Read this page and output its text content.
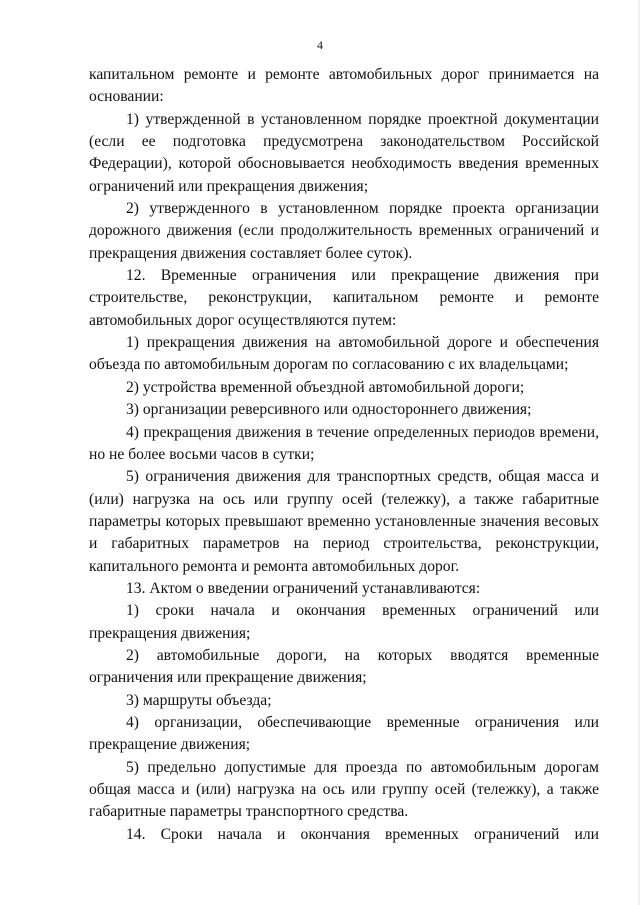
4

капитальном ремонте и ремонте автомобильных дорог принимается на основании:

1) утвержденной в установленном порядке проектной документации (если ее подготовка предусмотрена законодательством Российской Федерации), которой обосновывается необходимость введения временных ограничений или прекращения движения;

2) утвержденного в установленном порядке проекта организации дорожного движения (если продолжительность временных ограничений и прекращения движения составляет более суток).

12. Временные ограничения или прекращение движения при строительстве, реконструкции, капитальном ремонте и ремонте автомобильных дорог осуществляются путем:

1) прекращения движения на автомобильной дороге и обеспечения объезда по автомобильным дорогам по согласованию с их владельцами;

2) устройства временной объездной автомобильной дороги;

3) организации реверсивного или одностороннего движения;

4) прекращения движения в течение определенных периодов времени, но не более восьми часов в сутки;

5) ограничения движения для транспортных средств, общая масса и (или) нагрузка на ось или группу осей (тележку), а также габаритные параметры которых превышают временно установленные значения весовых и габаритных параметров на период строительства, реконструкции, капитального ремонта и ремонта автомобильных дорог.

13. Актом о введении ограничений устанавливаются:

1) сроки начала и окончания временных ограничений или прекращения движения;

2) автомобильные дороги, на которых вводятся временные ограничения или прекращение движения;

3) маршруты объезда;

4) организации, обеспечивающие временные ограничения или прекращение движения;

5) предельно допустимые для проезда по автомобильным дорогам общая масса и (или) нагрузка на ось или группу осей (тележку), а также габаритные параметры транспортного средства.

14. Сроки начала и окончания временных ограничений или
